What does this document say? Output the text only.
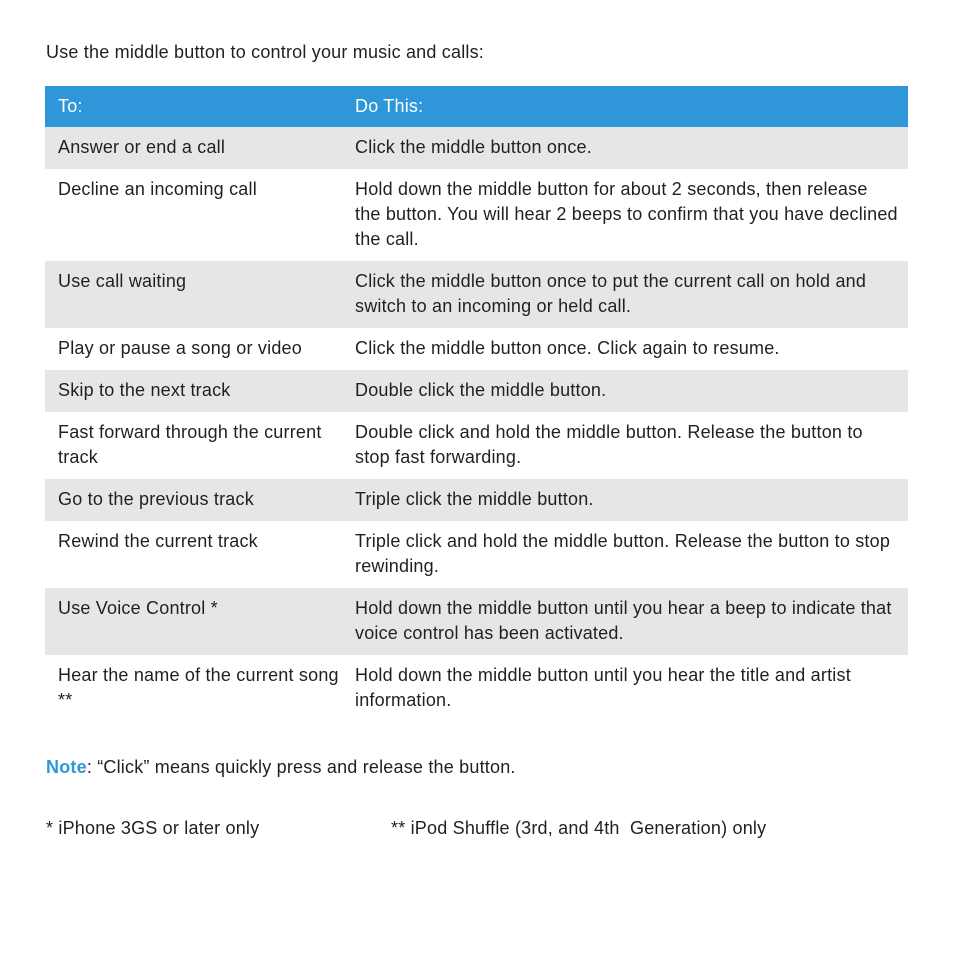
Use the middle button to control your music and calls:
To:	Do This:
Answer or end a call	Click the middle button once.
Decline an incoming call	Hold down the middle button for about 2 seconds, then release the button. You will hear 2 beeps to confirm that you have declined the call.
Use call waiting	Click the middle button once to put the current call on hold and switch to an incoming or held call.
Play or pause a song or video	Click the middle button once. Click again to resume.
Skip to the next track	Double click the middle button.
Fast forward through the current track	Double click and hold the middle button. Release the button to stop fast forwarding.
Go to the previous track	Triple click the middle button.
Rewind the current track	Triple click and hold the middle button. Release the button to stop rewinding.
Use Voice Control *	Hold down the middle button until you hear a beep to indicate that voice control has been activated.
Hear the name of the current song **	Hold down the middle button until you hear the title and artist information.
Note: “Click” means quickly press and release the button.
* iPhone 3GS or later only	** iPod Shuffle (3rd, and 4th  Generation) only
